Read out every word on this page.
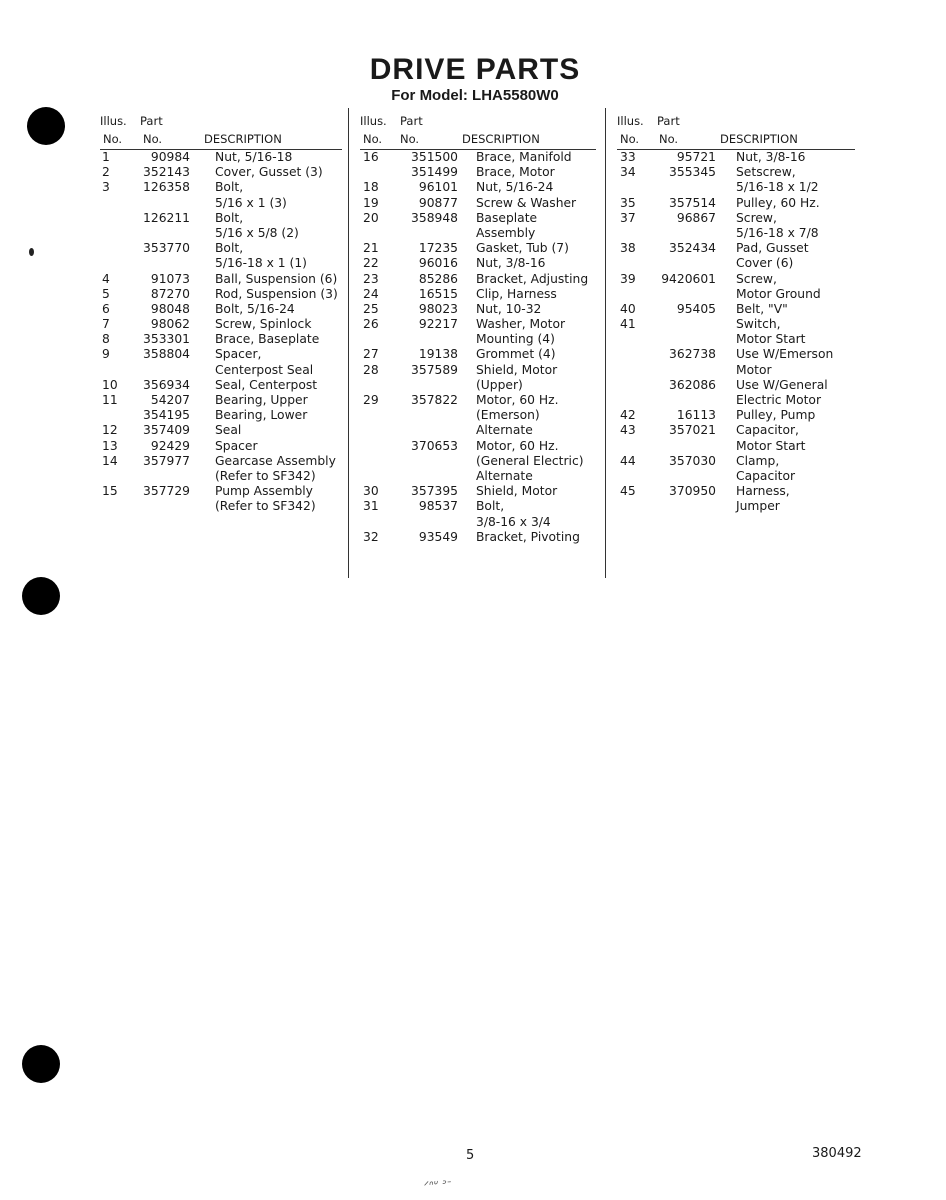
DRIVE PARTS
For Model: LHA5580W0
Illus. Part
No. No.	DESCRIPTION
1	90984 Nut, 5/16-18
2	352143 Cover, Gusset (3)
3	126358 Bolt,
5/16 x 1 (3)
126211 Bolt,
5/16 x 5/8 (2)
353770 Bolt,
5/16-18 x 1 (1)
4	91073 Ball, Suspension (6)
5	87270 Rod, Suspension (3)
6	98048 Bolt, 5/16-24
7	98062 Screw, Spinlock
8	353301 Brace, Baseplate
9	358804 Spacer,
Centerpost Seal
10	356934 Seal, Centerpost
11	54207 Bearing, Upper
354195 Bearing, Lower
12	357409 Seal
13	92429 Spacer
14	357977 Gearcase Assembly
(Refer to SF342)
15	357729 Pump Assembly
(Refer to SF342)
Illus. Part
No. No.	DESCRIPTION
16	351500 Brace, Manifold
351499 Brace, Motor
18	96101 Nut, 5/16-24
19	90877 Screw & Washer
20	358948 Baseplate
Assembly
21	17235 Gasket, Tub (7)
22	96016 Nut, 3/8-16
23	85286 Bracket, Adjusting
24	16515 Clip, Harness
25	98023 Nut, 10-32
26	92217 Washer, Motor
Mounting (4)
27	19138 Grommet (4)
28	357589 Shield, Motor
(Upper)
29	357822 Motor, 60 Hz.
(Emerson)
Alternate
370653 Motor, 60 Hz.
(General Electric)
Alternate
30	357395 Shield, Motor
31	98537 Bolt,
3/8-16 x 3/4
32	93549 Bracket, Pivoting
Illus. Part
No. No.	DESCRIPTION
33	95721 Nut, 3/8-16
34	355345 Setscrew,
5/16-18 x 1/2
35	357514 Pulley, 60 Hz.
37	96867 Screw,
5/16-18 x 7/8
38	352434 Pad, Gusset
Cover (6)
39	9420601 Screw,
Motor Ground
40	95405 Belt, "V"
41	Switch,
Motor Start
362738 Use W/Emerson
Motor
362086 Use W/General
Electric Motor
42	16113 Pulley, Pump
43	357021 Capacitor,
Motor Start
44	357030 Clamp,
Capacitor
45	370950 Harness,
Jumper
5	380492
ᐟᐢᐡ ᐣᐨ
